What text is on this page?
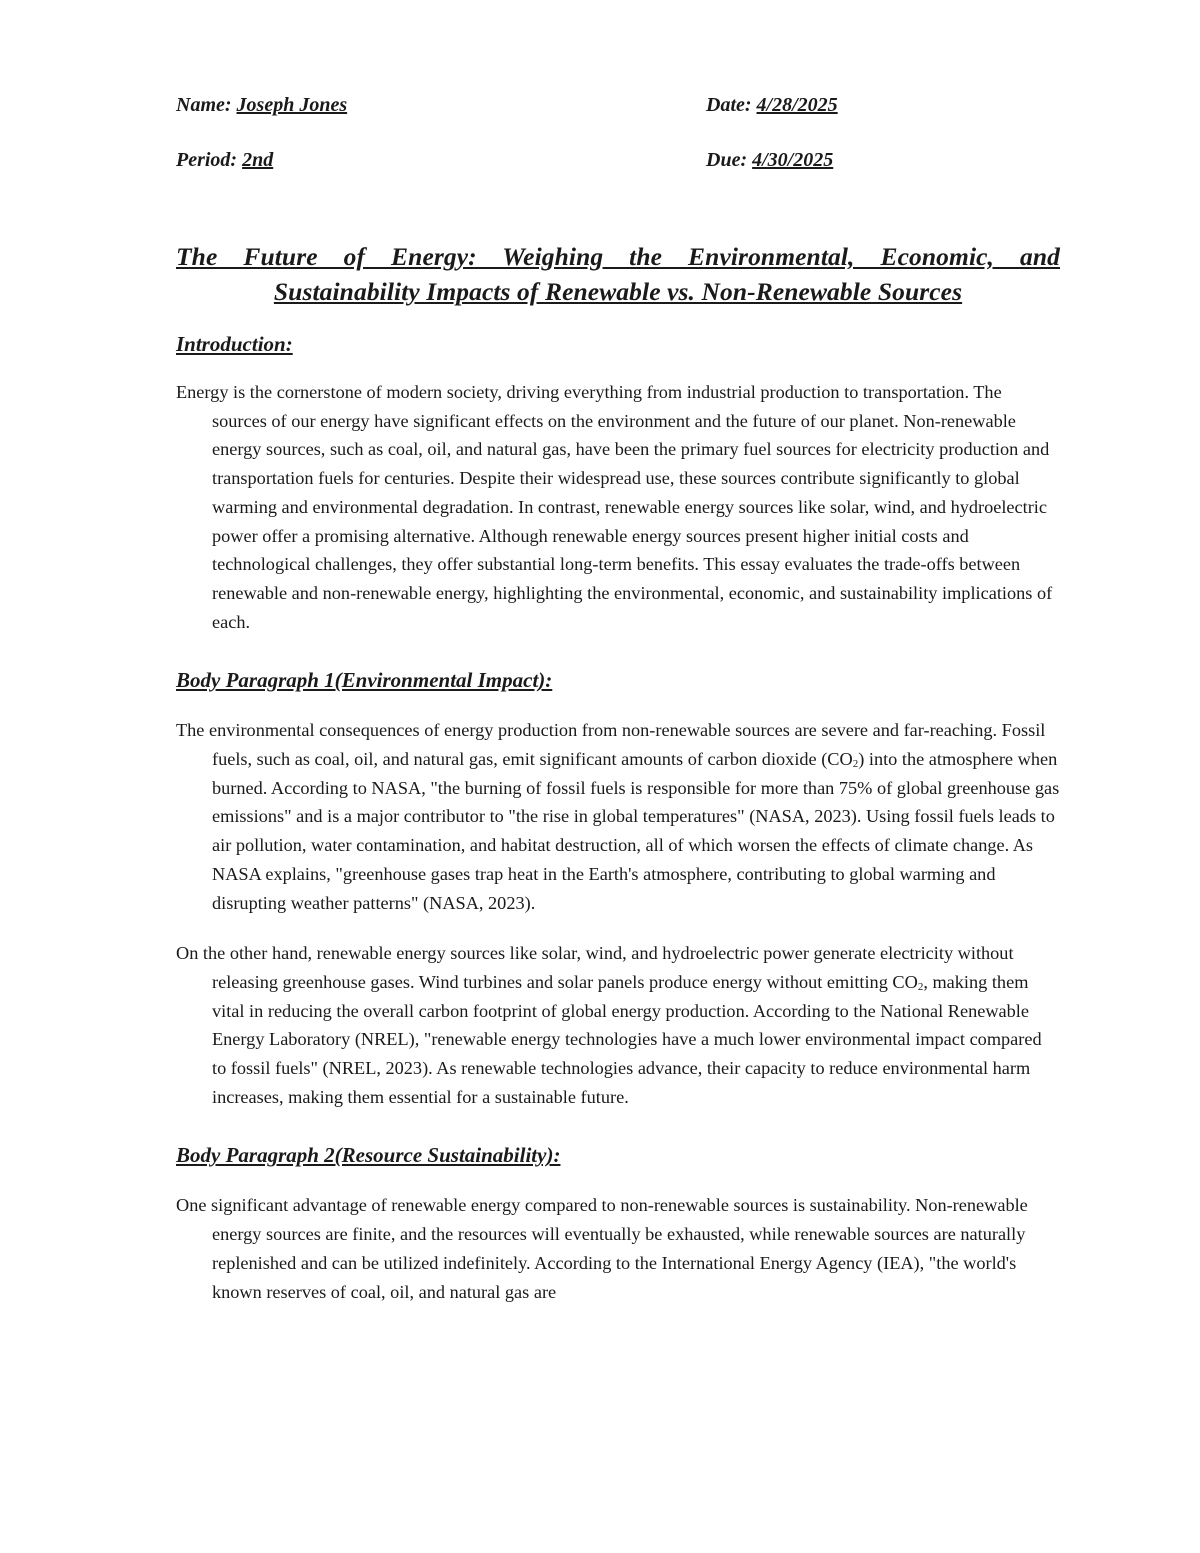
Name: Joseph Jones	Date: 4/28/2025
Period: 2nd	Due: 4/30/2025
The Future of Energy: Weighing the Environmental, Economic, and
Sustainability Impacts of Renewable vs. Non-Renewable Sources
Introduction:

Energy is the cornerstone of modern society, driving everything from industrial production to transportation. The sources of our energy have significant effects on the environment and the future of our planet. Non-renewable energy sources, such as coal, oil, and natural gas, have been the primary fuel sources for electricity production and transportation fuels for centuries. Despite their widespread use, these sources contribute significantly to global warming and environmental degradation. In contrast, renewable energy sources like solar, wind, and hydroelectric power offer a promising alternative. Although renewable energy sources present higher initial costs and technological challenges, they offer substantial long-term benefits. This essay evaluates the trade-offs between renewable and non-renewable energy, highlighting the environmental, economic, and sustainability implications of each.

Body Paragraph 1(Environmental Impact):

The environmental consequences of energy production from non-renewable sources are severe and far-reaching. Fossil fuels, such as coal, oil, and natural gas, emit significant amounts of carbon dioxide $(CO_2)$ into the atmosphere when burned. According to NASA, "the burning of fossil fuels is responsible for more than 75% of global greenhouse gas emissions" and is a major contributor to "the rise in global temperatures" (NASA, 2023). Using fossil fuels leads to air pollution, water contamination, and habitat destruction, all of which worsen the effects of climate change. As NASA explains, "greenhouse gases trap heat in the Earth's atmosphere, contributing to global warming and disrupting weather patterns" (NASA, 2023).

On the other hand, renewable energy sources like solar, wind, and hydroelectric power generate electricity without releasing greenhouse gases. Wind turbines and solar panels produce energy without emitting $CO_2$, making them vital in reducing the overall carbon footprint of global energy production. According to the National Renewable Energy Laboratory (NREL), "renewable energy technologies have a much lower environmental impact compared to fossil fuels" (NREL, 2023). As renewable technologies advance, their capacity to reduce environmental harm increases, making them essential for a sustainable future.

Body Paragraph 2(Resource Sustainability):

One significant advantage of renewable energy compared to non-renewable sources is sustainability. Non-renewable energy sources are finite, and the resources will eventually be exhausted, while renewable sources are naturally replenished and can be utilized indefinitely. According to the International Energy Agency (IEA), "the world's known reserves of coal, oil, and natural gas are
